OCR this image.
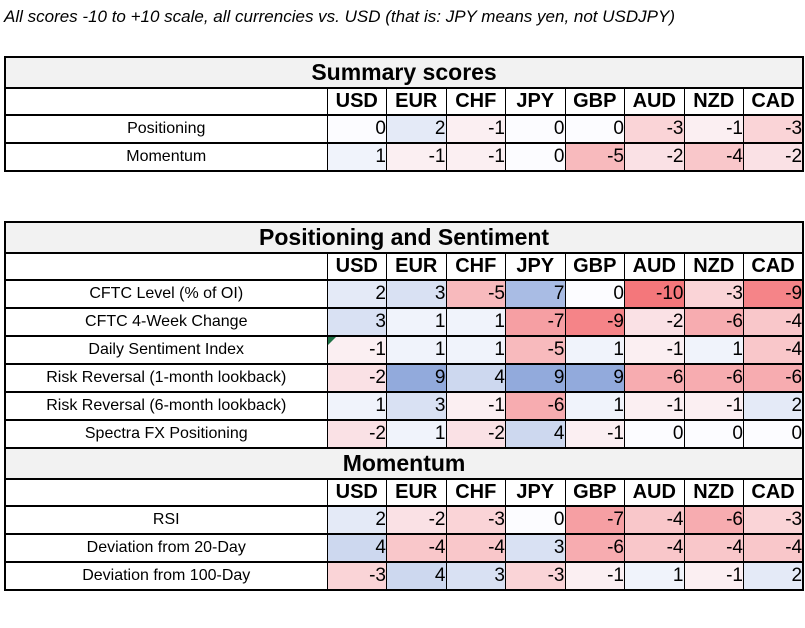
All scores -10 to +10 scale, all currencies vs. USD (that is: JPY means yen, not USDJPY)
Summary scores								
	USD	EUR	CHF	JPY	GBP	AUD	NZD	CAD
Positioning	0	2	-1	0	0	-3	-1	-3
Momentum	1	-1	-1	0	-5	-2	-4	-2
Positioning and Sentiment								
	USD	EUR	CHF	JPY	GBP	AUD	NZD	CAD
CFTC Level (% of OI)	2	3	-5	7	0	-10	-3	-9
CFTC 4-Week Change	3	1	1	-7	-9	-2	-6	-4
Daily Sentiment Index	-1	1	1	-5	1	-1	1	-4
Risk Reversal (1-month lookback)	-2	9	4	9	9	-6	-6	-6
Risk Reversal (6-month lookback)	1	3	-1	-6	1	-1	-1	2
Spectra FX Positioning	-2	1	-2	4	-1	0	0	0
Momentum								
	USD	EUR	CHF	JPY	GBP	AUD	NZD	CAD
RSI	2	-2	-3	0	-7	-4	-6	-3
Deviation from 20-Day	4	-4	-4	3	-6	-4	-4	-4
Deviation from 100-Day	-3	4	3	-3	-1	1	-1	2
